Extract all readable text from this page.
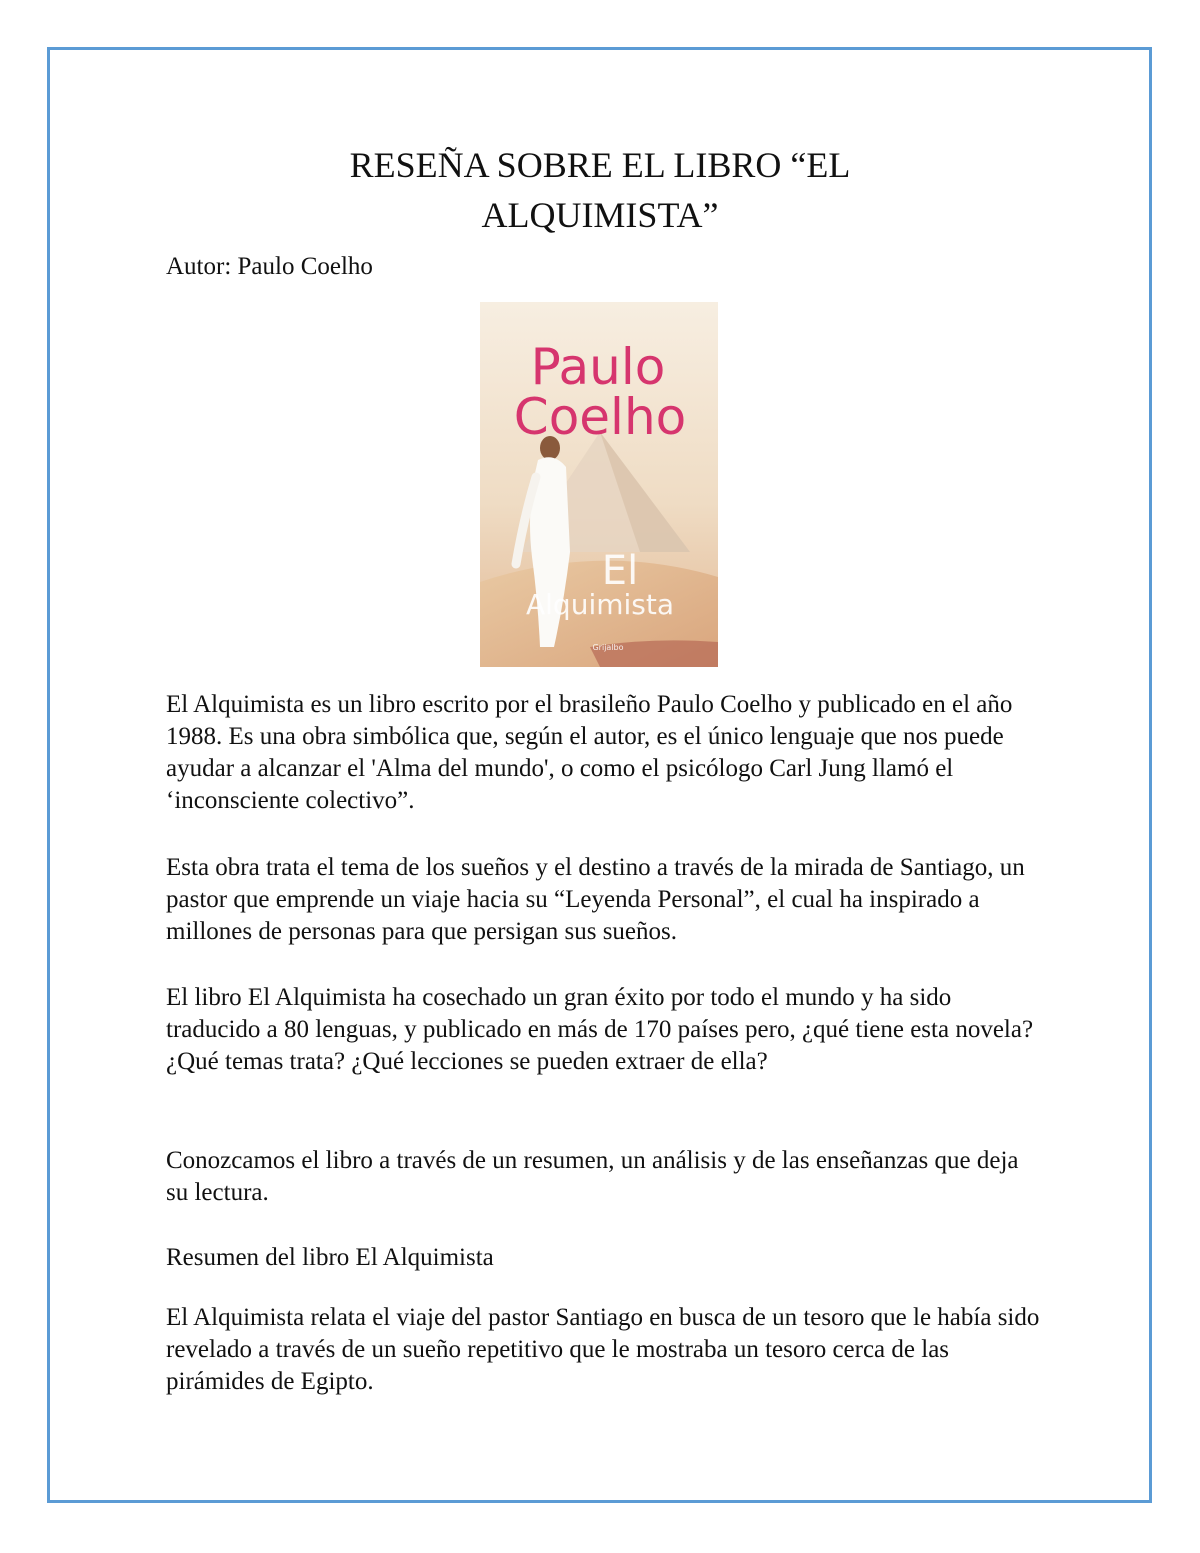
RESEÑA SOBRE EL LIBRO “EL
ALQUIMISTA”

Autor: Paulo Coelho

Paulo
Coelho
El
Alquimista
Grijalbo

El Alquimista es un libro escrito por el brasileño Paulo Coelho y publicado en el año 1988. Es una obra simbólica que, según el autor, es el único lenguaje que nos puede ayudar a alcanzar el 'Alma del mundo', o como el psicólogo Carl Jung llamó el ‘inconsciente colectivo”.

Esta obra trata el tema de los sueños y el destino a través de la mirada de Santiago, un pastor que emprende un viaje hacia su “Leyenda Personal”, el cual ha inspirado a millones de personas para que persigan sus sueños.

El libro El Alquimista ha cosechado un gran éxito por todo el mundo y ha sido traducido a 80 lenguas, y publicado en más de 170 países pero, ¿qué tiene esta novela? ¿Qué temas trata? ¿Qué lecciones se pueden extraer de ella?

Conozcamos el libro a través de un resumen, un análisis y de las enseñanzas que deja su lectura.

Resumen del libro El Alquimista

El Alquimista relata el viaje del pastor Santiago en busca de un tesoro que le había sido revelado a través de un sueño repetitivo que le mostraba un tesoro cerca de las pirámides de Egipto.
